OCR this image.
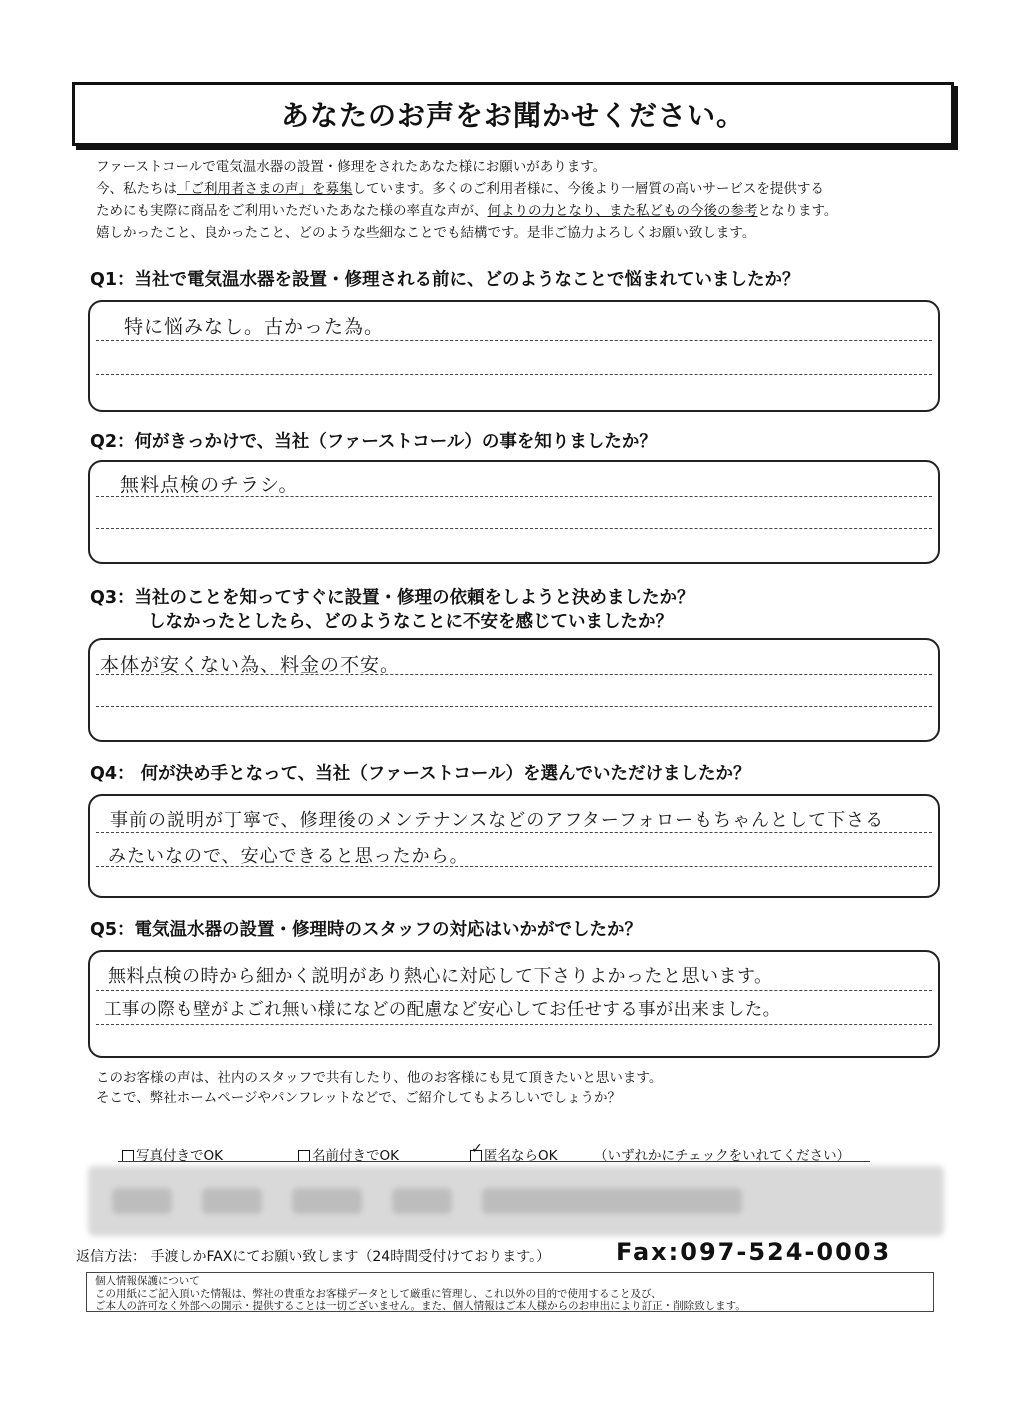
あなたのお声をお聞かせください。

ファーストコールで電気温水器の設置・修理をされたあなた様にお願いがあります。

今、私たちは「ご利用者さまの声」を募集しています。多くのご利用者様に、今後より一層質の高いサービスを提供する

ためにも実際に商品をご利用いただいたあなた様の率直な声が、何よりの力となり、また私どもの今後の参考となります。

嬉しかったこと、良かったこと、どのような些細なことでも結構です。是非ご協力よろしくお願い致します。

Q1：当社で電気温水器を設置・修理される前に、どのようなことで悩まれていましたか？
特に悩みなし。古かった為。
Q2：何がきっかけで、当社（ファーストコール）の事を知りましたか？
無料点検のチラシ。
Q3：当社のことを知ってすぐに設置・修理の依頼をしようと決めましたか？
しなかったとしたら、どのようなことに不安を感じていましたか？
本体が安くない為、料金の不安。
Q4： 何が決め手となって、当社（ファーストコール）を選んでいただけましたか？
事前の説明が丁寧で、修理後のメンテナンスなどのアフターフォローもちゃんとして下さる
みたいなので、安心できると思ったから。
Q5：電気温水器の設置・修理時のスタッフの対応はいかがでしたか？
無料点検の時から細かく説明があり熱心に対応して下さりよかったと思います。
工事の際も壁がよごれ無い様になどの配慮など安心してお任せする事が出来ました。
このお客様の声は、社内のスタッフで共有したり、他のお客様にも見て頂きたいと思います。
そこで、弊社ホームページやパンフレットなどで、ご紹介してもよろしいでしょうか？
写真付きでOK	名前付きでOK	✓ 匿名ならOK	（いずれかにチェックをいれてください）
返信方法： 手渡しかFAXにてお願い致します（24時間受付けております。）	Fax:097-524-0003

個人情報保護について

この用紙にご記入頂いた情報は、弊社の貴重なお客様データとして厳重に管理し、これ以外の目的で使用すること及び、

ご本人の許可なく外部への開示・提供することは一切ございません。また、個人情報はご本人様からのお申出により訂正・削除致します。
